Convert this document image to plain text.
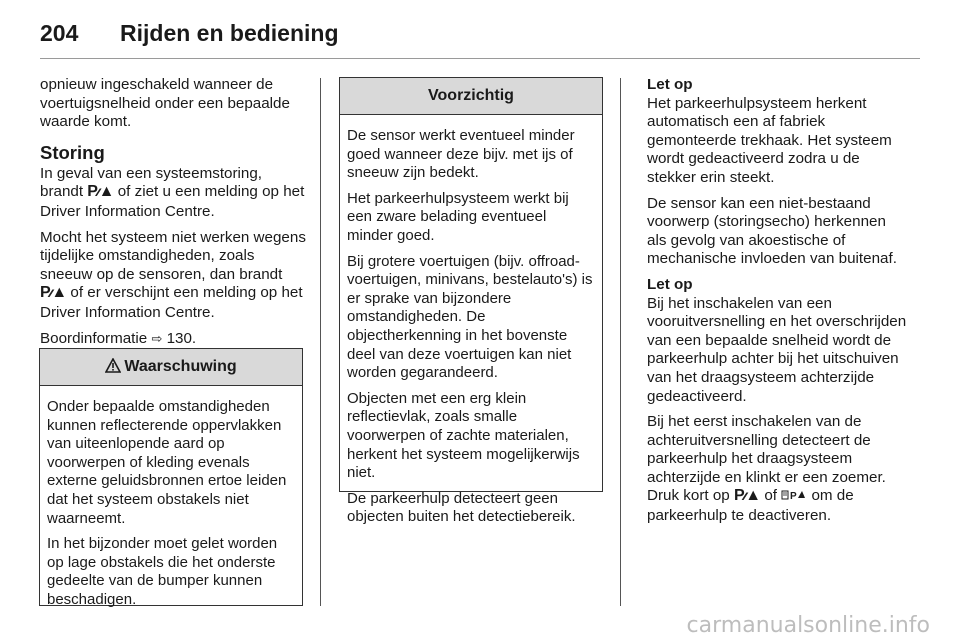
204 Rijden en bediening

opnieuw ingeschakeld wanneer de voertuigsnelheid onder een bepaalde waarde komt.

Storing

In geval van een systeemstoring, brandt P⁄⁄▲ of ziet u een melding op het Driver Information Centre.

Mocht het systeem niet werken wegens tijdelijke omstandigheden, zoals sneeuw op de sensoren, dan brandt P⁄⁄▲ of er verschijnt een melding op het Driver Information Centre.

Boordinformatie ⇨ 130.

Waarschuwing

Onder bepaalde omstandigheden kunnen reflecterende oppervlakken van uiteenlopende aard op voorwerpen of kleding evenals externe geluidsbronnen ertoe leiden dat het systeem obstakels niet waarneemt.

In het bijzonder moet gelet worden op lage obstakels die het onderste gedeelte van de bumper kunnen beschadigen.

Voorzichtig

De sensor werkt eventueel minder goed wanneer deze bijv. met ijs of sneeuw zijn bedekt.

Het parkeerhulpsysteem werkt bij een zware belading eventueel minder goed.

Bij grotere voertuigen (bijv. offroad-voertuigen, minivans, bestelauto's) is er sprake van bijzondere omstandigheden. De objectherkenning in het bovenste deel van deze voertuigen kan niet worden gegarandeerd.

Objecten met een erg klein reflectievlak, zoals smalle voorwerpen of zachte materialen, herkent het systeem mogelijkerwijs niet.

De parkeerhulp detecteert geen objecten buiten het detectiebereik.

Let op

Het parkeerhulpsysteem herkent automatisch een af fabriek gemonteerde trekhaak. Het systeem wordt gedeactiveerd zodra u de stekker erin steekt.

De sensor kan een niet-bestaand voorwerp (storingsecho) herkennen als gevolg van akoestische of mechanische invloeden van buitenaf.

Let op

Bij het inschakelen van een vooruitversnelling en het overschrijden van een bepaalde snelheid wordt de parkeerhulp achter bij het uitschuiven van het draagsysteem achterzijde gedeactiveerd.

Bij het eerst inschakelen van de achteruitversnelling detecteert de parkeerhulp het draagsysteem achterzijde en klinkt er een zoemer. Druk kort op P⁄⁄▲ of P om de parkeerhulp te deactiveren.

carmanualsonline.info
